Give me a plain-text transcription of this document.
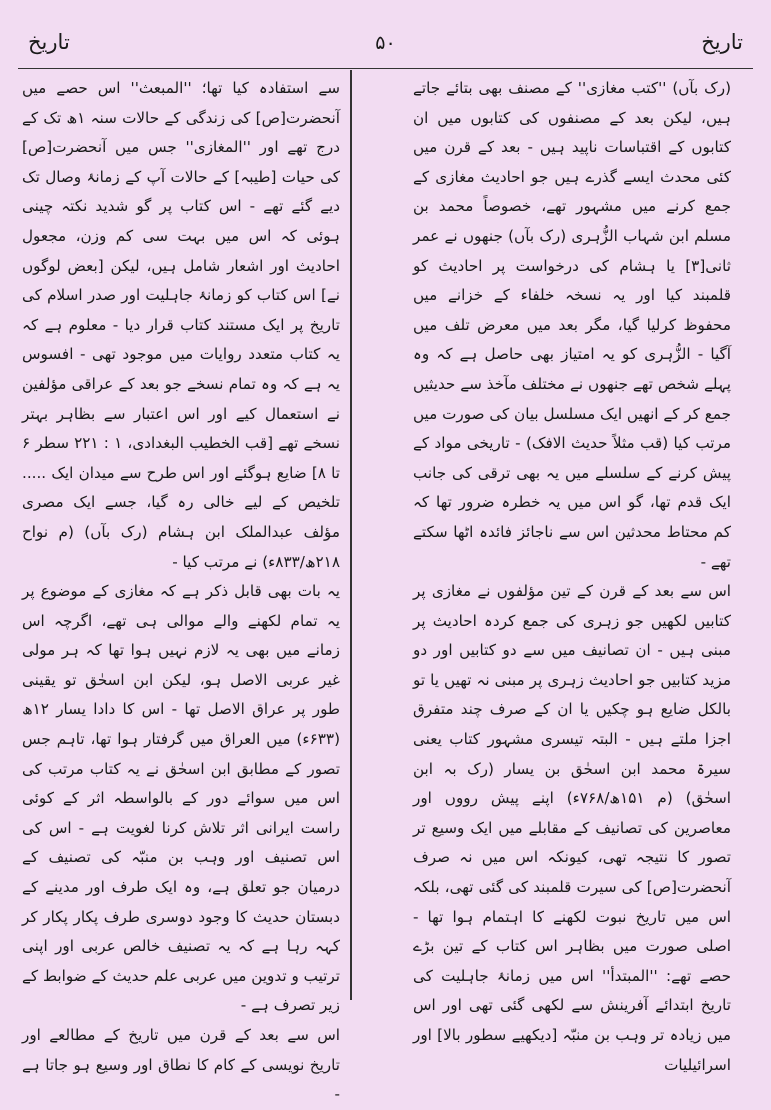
تاریخ
۵۰
تاریخ

(رک بآں) ''کتب مغازی'' کے مصنف بھی بتائے جاتے ہیں، لیکن بعد کے مصنفوں کی کتابوں میں ان کتابوں کے اقتباسات ناپید ہیں - بعد کے قرن میں کئی محدث ایسے گذرے ہیں جو احادیث مغازی کے جمع کرنے میں مشہور تھے، خصوصاً محمد بن مسلم ابن شہاب الزُّہری (رک بآں) جنھوں نے عمر ثانی[۳] یا ہشام کی درخواست پر احادیث کو قلمبند کیا اور یہ نسخہ خلفاء کے خزانے میں محفوظ کرلیا گیا، مگر بعد میں معرض تلف میں آگیا - الزُّہری کو یہ امتیاز بھی حاصل ہے کہ وہ پہلے شخص تھے جنھوں نے مختلف مآخذ سے حدیثیں جمع کر کے انھیں ایک مسلسل بیان کی صورت میں مرتب کیا (قب مثلاً حدیث الافک) - تاریخی مواد کے پیش کرنے کے سلسلے میں یہ بھی ترقی کی جانب ایک قدم تھا، گو اس میں یہ خطرہ ضرور تھا کہ کم محتاط محدثین اس سے ناجائز فائدہ اٹھا سکتے تھے -

اس سے بعد کے قرن کے تین مؤلفوں نے مغازی پر کتابیں لکھیں جو زہری کی جمع کردہ احادیث پر مبنی ہیں - ان تصانیف میں سے دو کتابیں اور دو مزید کتابیں جو احادیث زہری پر مبنی نہ تھیں یا تو بالکل ضایع ہو چکیں یا ان کے صرف چند متفرق اجزا ملتے ہیں - البتہ تیسری مشہور کتاب یعنی سیرۃ محمد ابن اسحٰق بن یسار (رک بہ ابن اسحٰق) (م ۱۵۱ھ/۷۶۸ء) اپنے پیش رووں اور معاصرین کی تصانیف کے مقابلے میں ایک وسیع تر تصور کا نتیجہ تھی، کیونکہ اس میں نہ صرف آنحضرت[ص] کی سیرت قلمبند کی گئی تھی، بلکہ اس میں تاریخ نبوت لکھنے کا اہتمام ہوا تھا - اصلی صورت میں بظاہر اس کتاب کے تین بڑے حصے تھے: ''المبتدأ'' اس میں زمانۂ جاہلیت کی تاریخ ابتدائے آفرینش سے لکھی گئی تھی اور اس میں زیادہ تر وہب بن منبّہ [دیکھیے سطور بالا] اور اسرائیلیات

سے استفادہ کیا تھا؛ ''المبعث'' اس حصے میں آنحضرت[ص] کی زندگی کے حالات سنہ ۱ھ تک کے درج تھے اور ''المغازی'' جس میں آنحضرت[ص] کی حیات [طیبہ] کے حالات آپ کے زمانۂ وصال تک دیے گئے تھے - اس کتاب پر گو شدید نکتہ چینی ہوئی کہ اس میں بہت سی کم وزن، مجعول احادیث اور اشعار شامل ہیں، لیکن [بعض لوگوں نے] اس کتاب کو زمانۂ جاہلیت اور صدر اسلام کی تاریخ پر ایک مستند کتاب قرار دیا - معلوم ہے کہ یہ کتاب متعدد روایات میں موجود تھی - افسوس یہ ہے کہ وہ تمام نسخے جو بعد کے عراقی مؤلفین نے استعمال کیے اور اس اعتبار سے بظاہر بہتر نسخے تھے [قب الخطیب البغدادی، ۱ : ۲۲۱ سطر ۶ تا ۸] ضایع ہوگئے اور اس طرح سے میدان ایک ..... تلخیص کے لیے خالی رہ گیا، جسے ایک مصری مؤلف عبدالملک ابن ہشام (رک بآں) (م نواح ۲۱۸ھ/۸۳۳ء) نے مرتب کیا -

یہ بات بھی قابل ذکر ہے کہ مغازی کے موضوع پر یہ تمام لکھنے والے موالی ہی تھے، اگرچہ اس زمانے میں بھی یہ لازم نہیں ہوا تھا کہ ہر مولی غیر عربی الاصل ہو، لیکن ابن اسحٰق تو یقینی طور پر عراق الاصل تھا - اس کا دادا یسار ۱۲ھ (۶۳۳ء) میں العراق میں گرفتار ہوا تھا، تاہم جس تصور کے مطابق ابن اسحٰق نے یہ کتاب مرتب کی اس میں سوائے دور کے بالواسطہ اثر کے کوئی راست ایرانی اثر تلاش کرنا لغویت ہے - اس کی اس تصنیف اور وہب بن منبّہ کی تصنیف کے درمیان جو تعلق ہے، وہ ایک طرف اور مدینے کے دبستان حدیث کا وجود دوسری طرف پکار پکار کر کہہ رہا ہے کہ یہ تصنیف خالص عربی اور اپنی ترتیب و تدوین میں عربی علم حدیث کے ضوابط کے زیر تصرف ہے -

اس سے بعد کے قرن میں تاریخ کے مطالعے اور تاریخ نویسی کے کام کا نطاق اور وسیع ہو جاتا ہے -
